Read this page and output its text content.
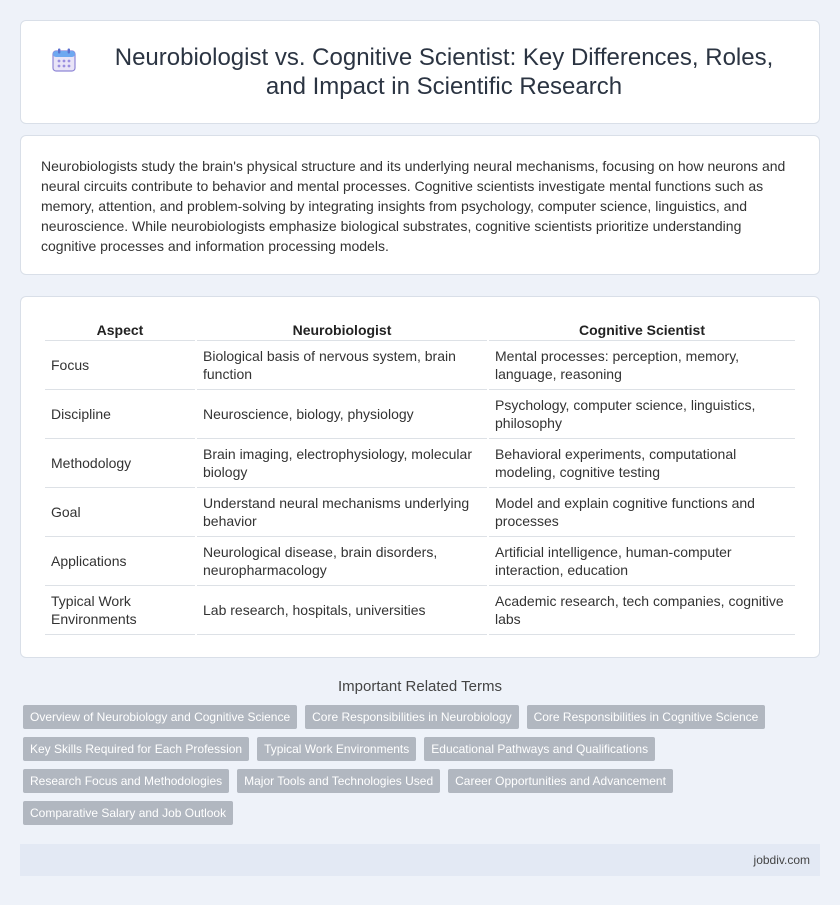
Neurobiologist vs. Cognitive Scientist: Key Differences, Roles, and Impact in Scientific Research

Neurobiologists study the brain's physical structure and its underlying neural mechanisms, focusing on how neurons and neural circuits contribute to behavior and mental processes. Cognitive scientists investigate mental functions such as memory, attention, and problem-solving by integrating insights from psychology, computer science, linguistics, and neuroscience. While neurobiologists emphasize biological substrates, cognitive scientists prioritize understanding cognitive processes and information processing models.

Aspect	Neurobiologist	Cognitive Scientist
Focus	Biological basis of nervous system, brain function	Mental processes: perception, memory, language, reasoning
Discipline	Neuroscience, biology, physiology	Psychology, computer science, linguistics, philosophy
Methodology	Brain imaging, electrophysiology, molecular biology	Behavioral experiments, computational modeling, cognitive testing
Goal	Understand neural mechanisms underlying behavior	Model and explain cognitive functions and processes
Applications	Neurological disease, brain disorders, neuropharmacology	Artificial intelligence, human-computer interaction, education
Typical Work Environments	Lab research, hospitals, universities	Academic research, tech companies, cognitive labs
Important Related Terms
Overview of Neurobiology and Cognitive Science	Core Responsibilities in Neurobiology	Core Responsibilities in Cognitive Science
Key Skills Required for Each Profession	Typical Work Environments	Educational Pathways and Qualifications
Research Focus and Methodologies	Major Tools and Technologies Used	Career Opportunities and Advancement
Comparative Salary and Job Outlook
jobdiv.com
